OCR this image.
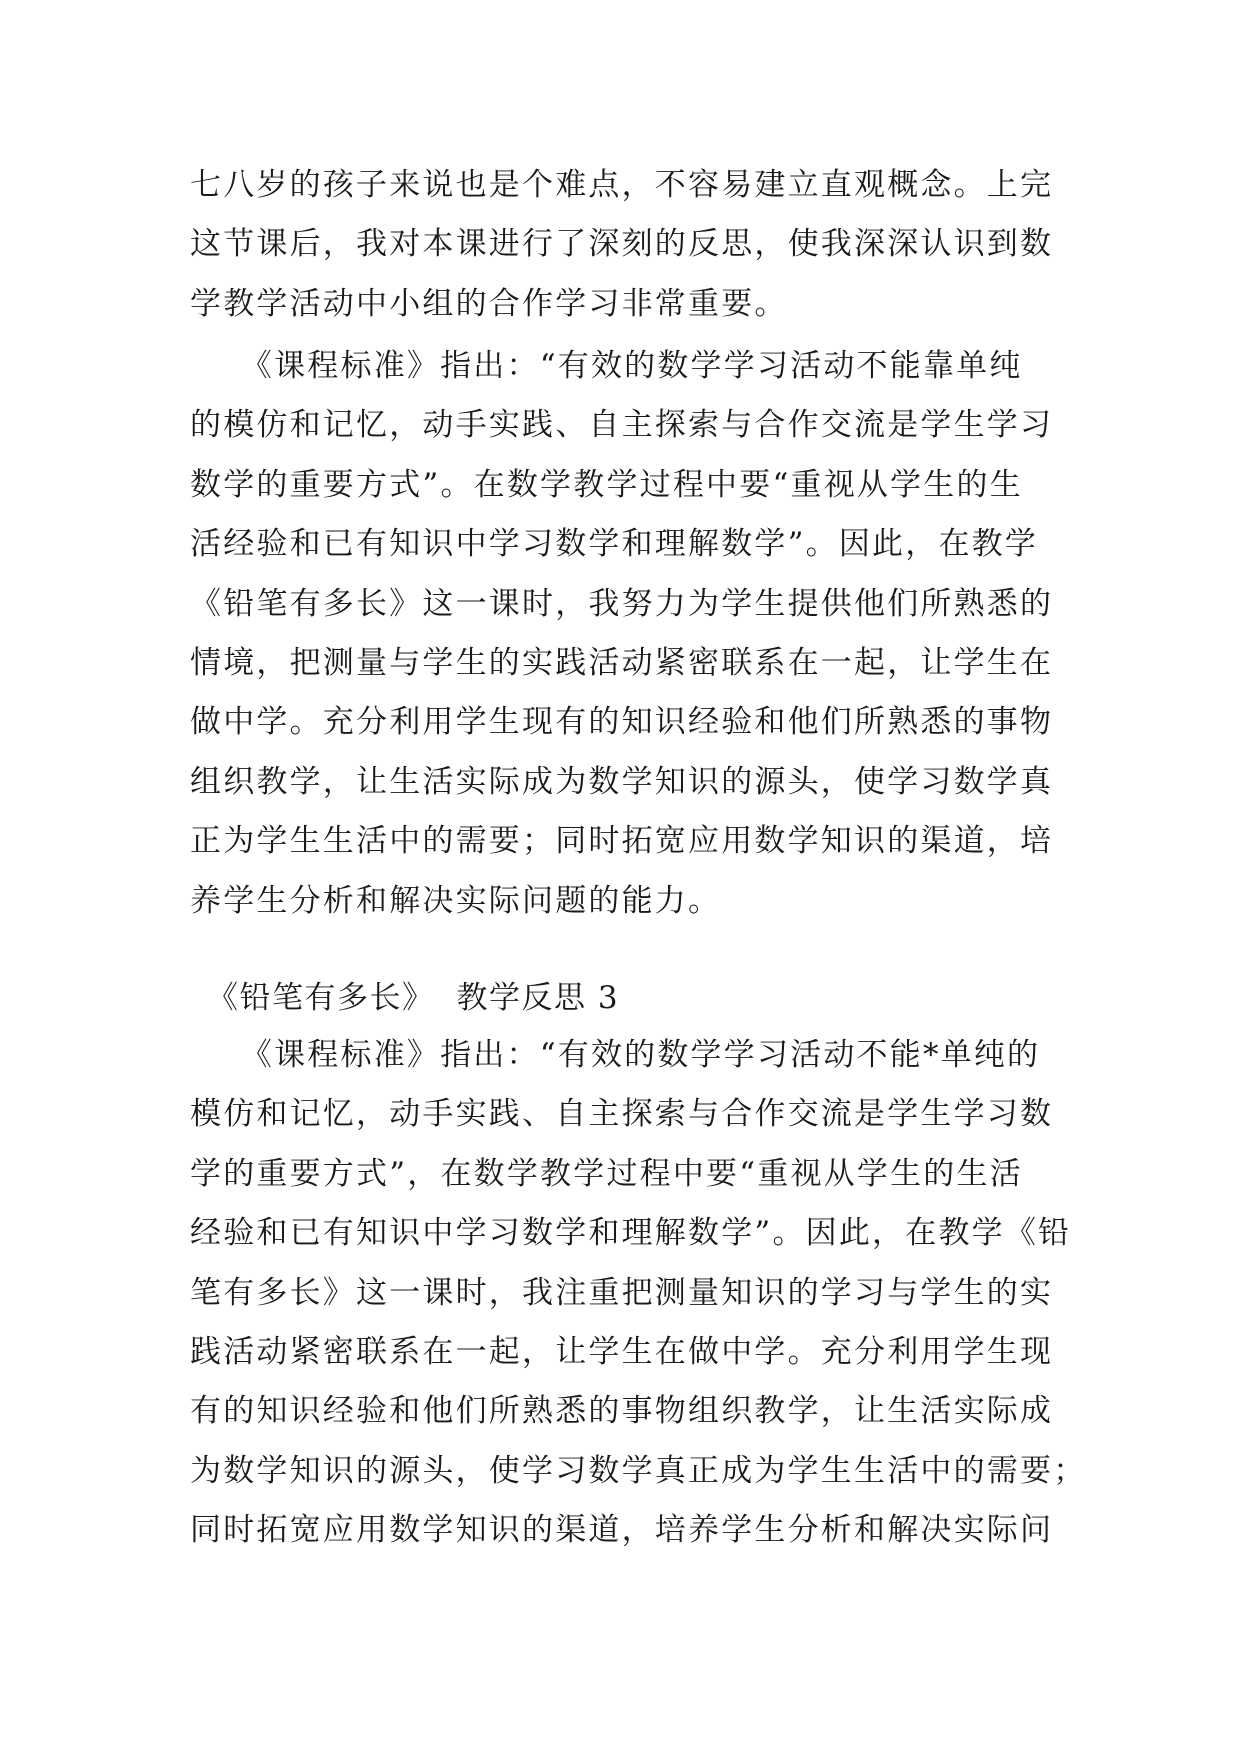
七八岁的孩子来说也是个难点，不容易建立直观概念。上完
这节课后，我对本课进行了深刻的反思，使我深深认识到数
学教学活动中小组的合作学习非常重要。
　　《课程标准》指出：“有效的数学学习活动不能靠单纯
的模仿和记忆，动手实践、自主探索与合作交流是学生学习
数学的重要方式”。在数学教学过程中要“重视从学生的生
活经验和已有知识中学习数学和理解数学”。因此，在教学
《铅笔有多长》这一课时，我努力为学生提供他们所熟悉的
情境，把测量与学生的实践活动紧密联系在一起，让学生在
做中学。充分利用学生现有的知识经验和他们所熟悉的事物
组织教学，让生活实际成为数学知识的源头，使学习数学真
正为学生生活中的需要；同时拓宽应用数学知识的渠道，培
养学生分析和解决实际问题的能力。
《铅笔有多长》 教学反思 3
　　《课程标准》指出：“有效的数学学习活动不能*单纯的
模仿和记忆，动手实践、自主探索与合作交流是学生学习数
学的重要方式”，在数学教学过程中要“重视从学生的生活
经验和已有知识中学习数学和理解数学”。因此，在教学《铅
笔有多长》这一课时，我注重把测量知识的学习与学生的实
践活动紧密联系在一起，让学生在做中学。充分利用学生现
有的知识经验和他们所熟悉的事物组织教学，让生活实际成
为数学知识的源头，使学习数学真正成为学生生活中的需要；
同时拓宽应用数学知识的渠道，培养学生分析和解决实际问
